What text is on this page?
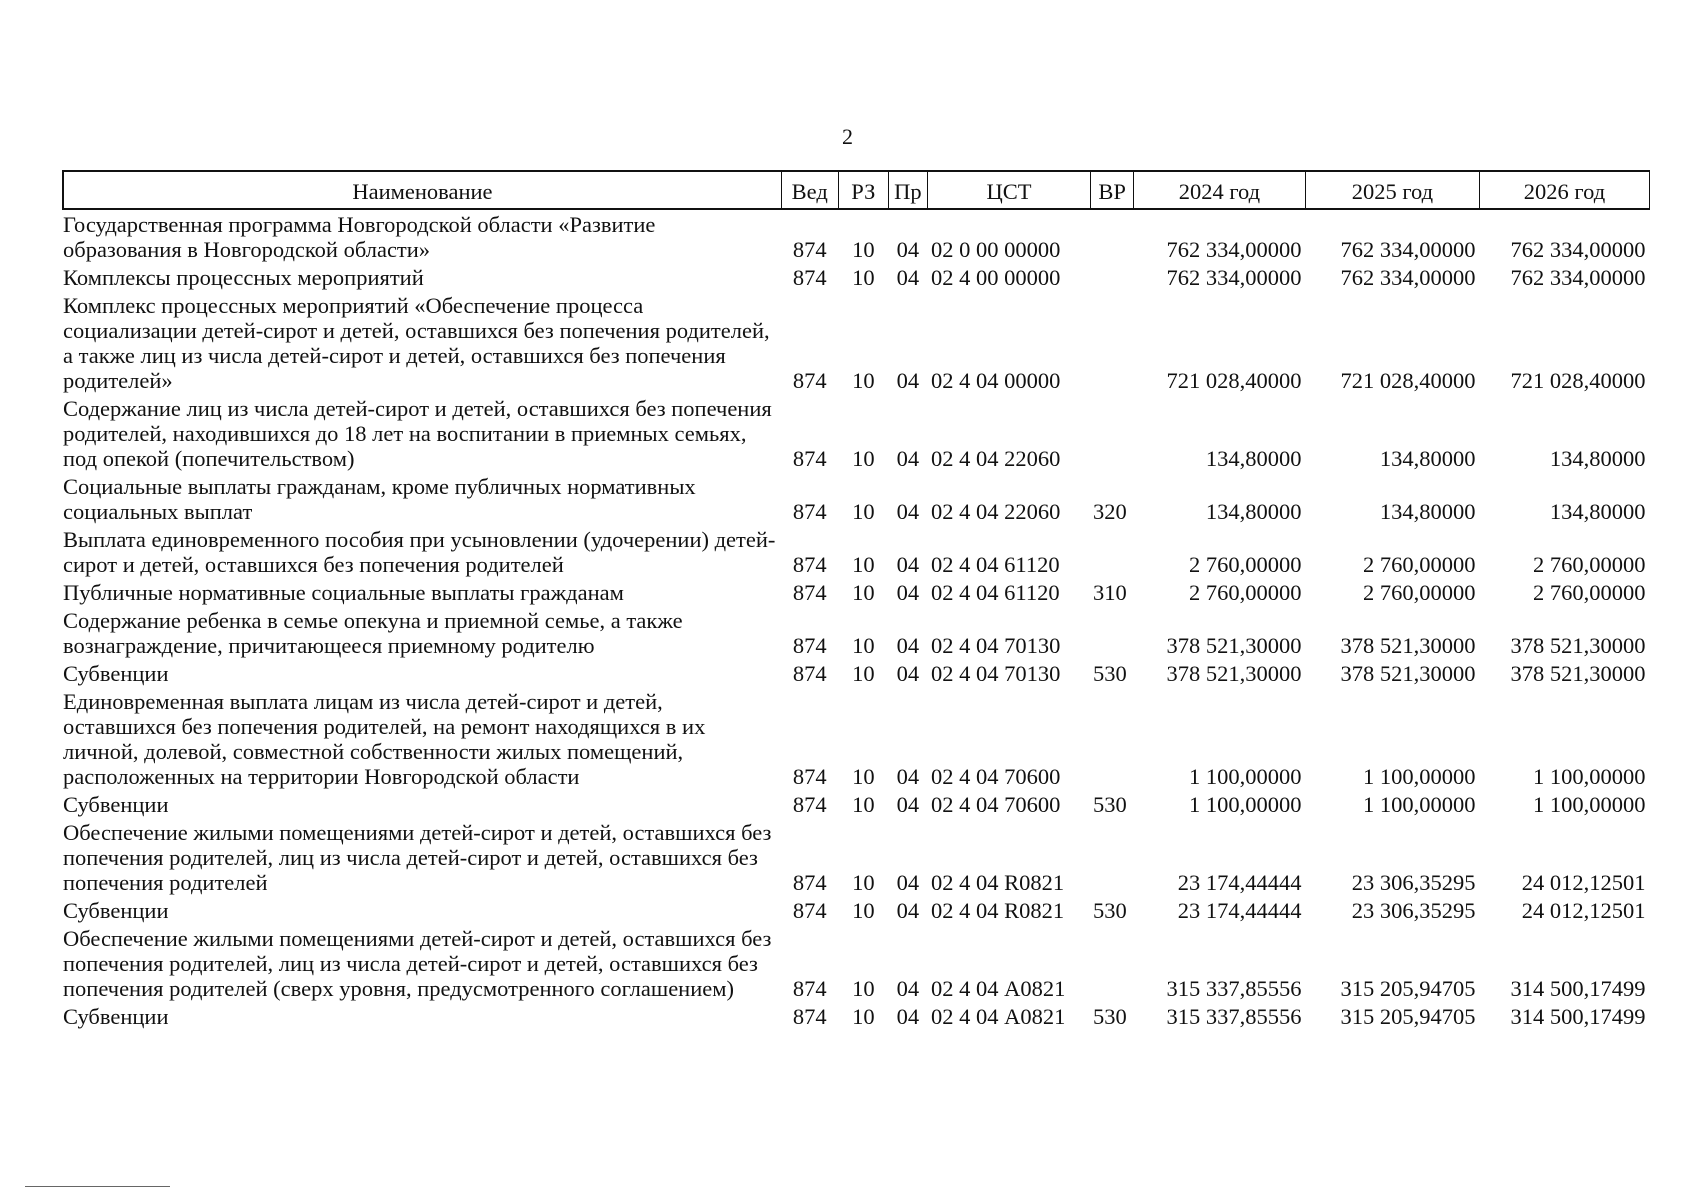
2
Наименование	Вед	РЗ	Пр	ЦСТ	ВР	2024 год	2025 год	2026 год
Государственная программа Новгородской области «Развитие образования в Новгородской области»	874	10	04	02 0 00 00000		762 334,00000	762 334,00000	762 334,00000
Комплексы процессных мероприятий	874	10	04	02 4 00 00000		762 334,00000	762 334,00000	762 334,00000
Комплекс процессных мероприятий «Обеспечение процесса социализации детей-сирот и детей, оставшихся без попечения родителей, а также лиц из числа детей-сирот и детей, оставшихся без попечения родителей»	874	10	04	02 4 04 00000		721 028,40000	721 028,40000	721 028,40000
Содержание лиц из числа детей-сирот и детей, оставшихся без попечения родителей, находившихся до 18 лет на воспитании в приемных семьях, под опекой (попечительством)	874	10	04	02 4 04 22060		134,80000	134,80000	134,80000
Социальные выплаты гражданам, кроме публичных нормативных социальных выплат	874	10	04	02 4 04 22060	320	134,80000	134,80000	134,80000
Выплата единовременного пособия при усыновлении (удочерении) детей-сирот и детей, оставшихся без попечения родителей	874	10	04	02 4 04 61120		2 760,00000	2 760,00000	2 760,00000
Публичные нормативные социальные выплаты гражданам	874	10	04	02 4 04 61120	310	2 760,00000	2 760,00000	2 760,00000
Содержание ребенка в семье опекуна и приемной семье, а также вознаграждение, причитающееся приемному родителю	874	10	04	02 4 04 70130		378 521,30000	378 521,30000	378 521,30000
Субвенции	874	10	04	02 4 04 70130	530	378 521,30000	378 521,30000	378 521,30000
Единовременная выплата лицам из числа детей-сирот и детей, оставшихся без попечения родителей, на ремонт находящихся в их личной, долевой, совместной собственности жилых помещений, расположенных на территории Новгородской области	874	10	04	02 4 04 70600		1 100,00000	1 100,00000	1 100,00000
Субвенции	874	10	04	02 4 04 70600	530	1 100,00000	1 100,00000	1 100,00000
Обеспечение жилыми помещениями детей-сирот и детей, оставшихся без попечения родителей, лиц из числа детей-сирот и детей, оставшихся без попечения родителей	874	10	04	02 4 04 R0821		23 174,44444	23 306,35295	24 012,12501
Субвенции	874	10	04	02 4 04 R0821	530	23 174,44444	23 306,35295	24 012,12501
Обеспечение жилыми помещениями детей-сирот и детей, оставшихся без попечения родителей, лиц из числа детей-сирот и детей, оставшихся без попечения родителей (сверх уровня, предусмотренного соглашением)	874	10	04	02 4 04 А0821		315 337,85556	315 205,94705	314 500,17499
Субвенции	874	10	04	02 4 04 А0821	530	315 337,85556	315 205,94705	314 500,17499
